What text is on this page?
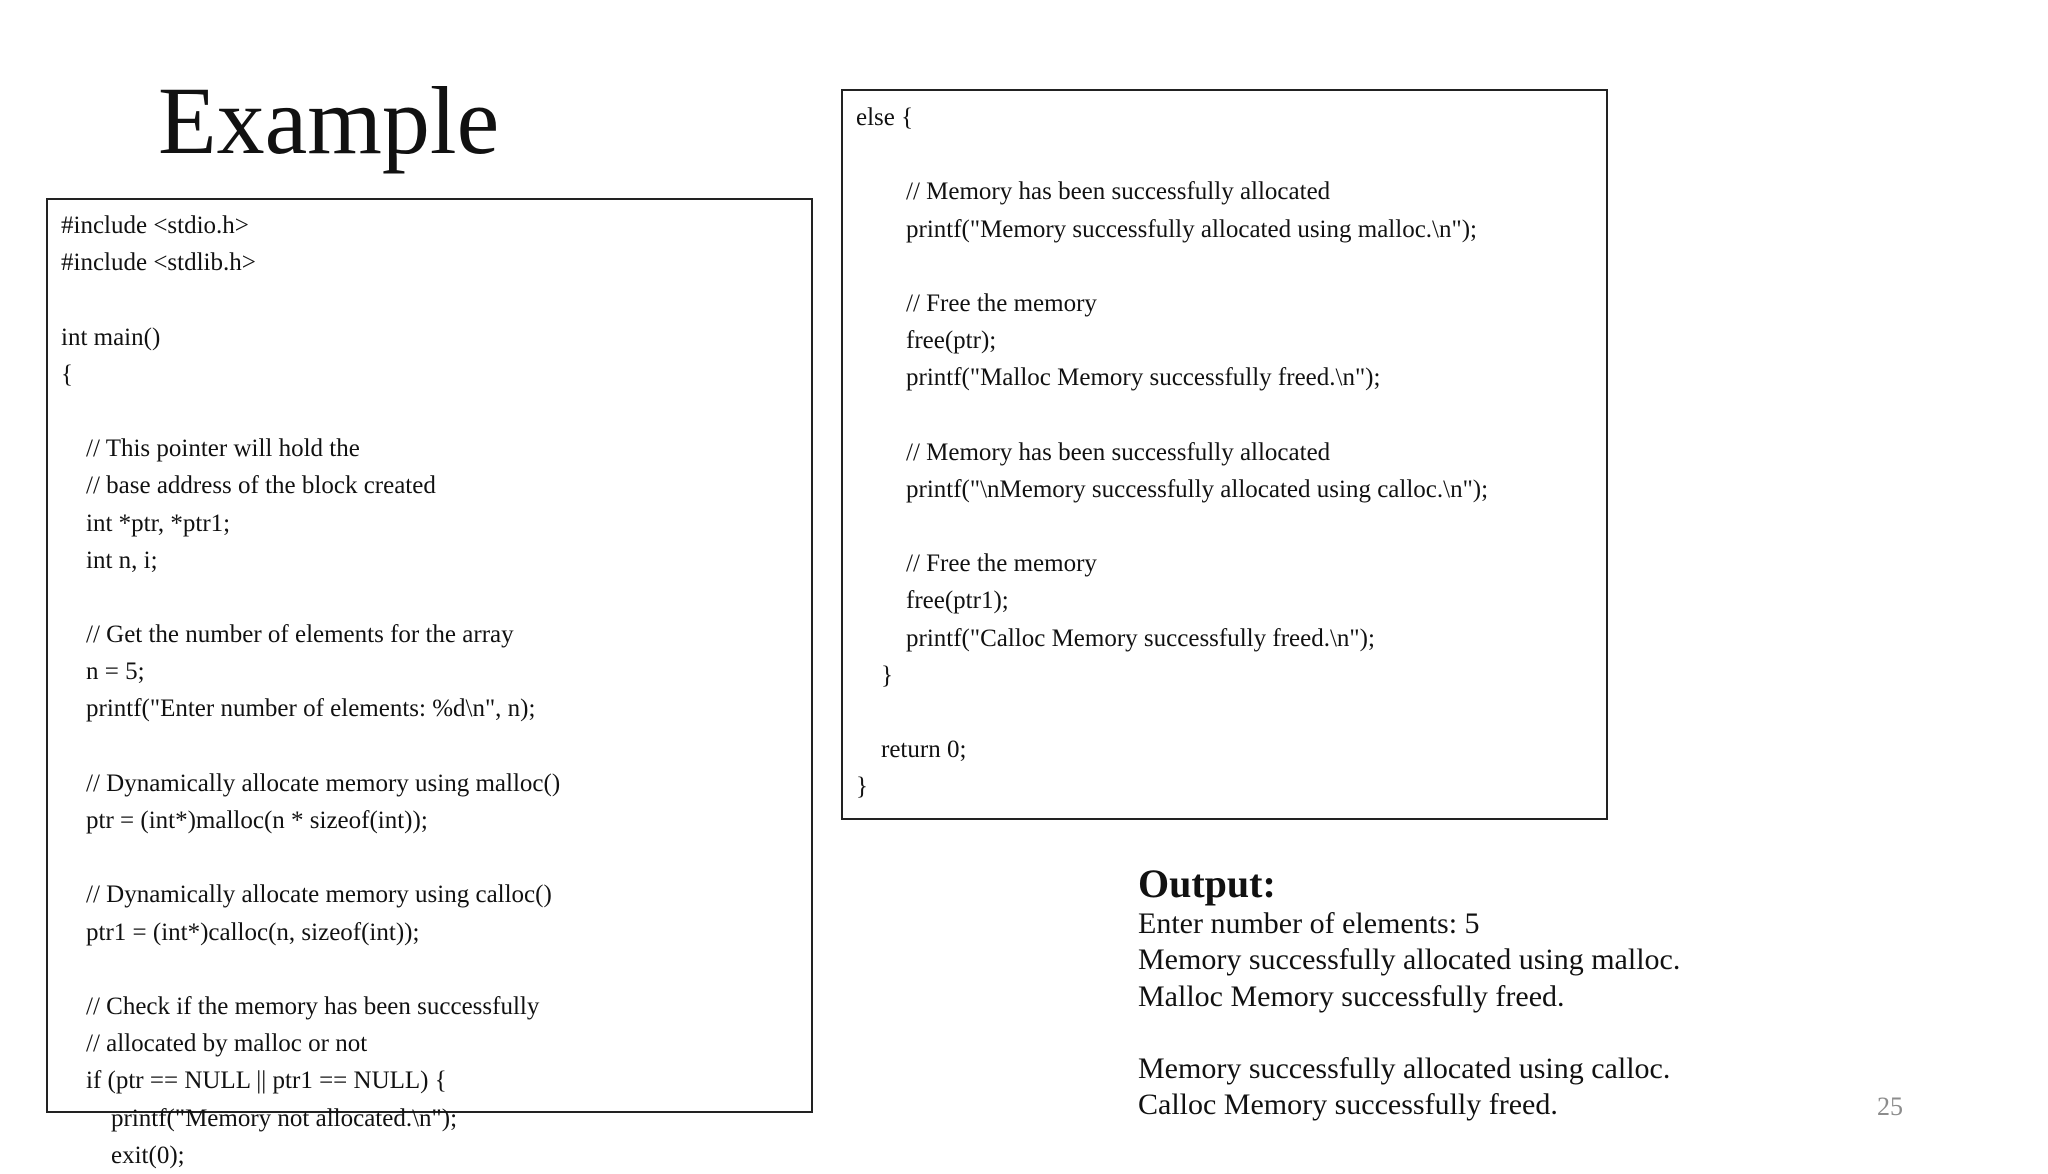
Example
#include <stdio.h>
#include <stdlib.h>
int main()
{
// This pointer will hold the
// base address of the block created
int *ptr, *ptr1;
int n, i;
// Get the number of elements for the array
n = 5;
printf("Enter number of elements: %d\n", n);
// Dynamically allocate memory using malloc()
ptr = (int*)malloc(n * sizeof(int));
// Dynamically allocate memory using calloc()
ptr1 = (int*)calloc(n, sizeof(int));
// Check if the memory has been successfully
// allocated by malloc or not
if (ptr == NULL || ptr1 == NULL) {
printf("Memory not allocated.\n");
exit(0);
else {
// Memory has been successfully allocated
printf("Memory successfully allocated using malloc.\n");
// Free the memory
free(ptr);
printf("Malloc Memory successfully freed.\n");
// Memory has been successfully allocated
printf("\nMemory successfully allocated using calloc.\n");
// Free the memory
free(ptr1);
printf("Calloc Memory successfully freed.\n");
}
return 0;
}
Output:
Enter number of elements: 5
Memory successfully allocated using malloc.
Malloc Memory successfully freed.
Memory successfully allocated using calloc.
Calloc Memory successfully freed.	25
